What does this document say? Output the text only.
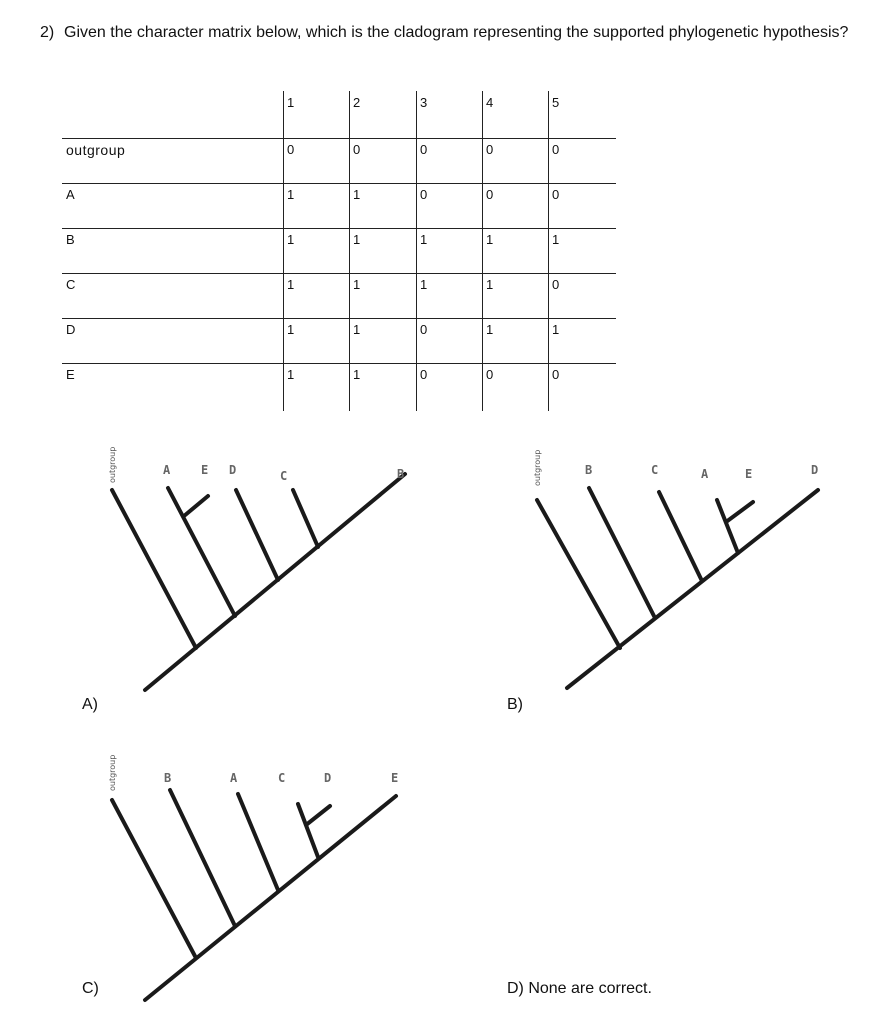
2) Given the character matrix below, which is the cladogram representing the supported phylogenetic hypothesis?
1	2	3	4	5
outgroup	0	0	0	0	0
A	1	1	0	0	0
B	1	1	1	1	1
C	1	1	1	1	0
D	1	1	0	1	1
E	1	1	0	0	0
outgroup	A	E D	C	B
A)
outgroup	B	C	A	E	D
B)
outgroup	B	A	C	D	E
C)	D) None are correct.
